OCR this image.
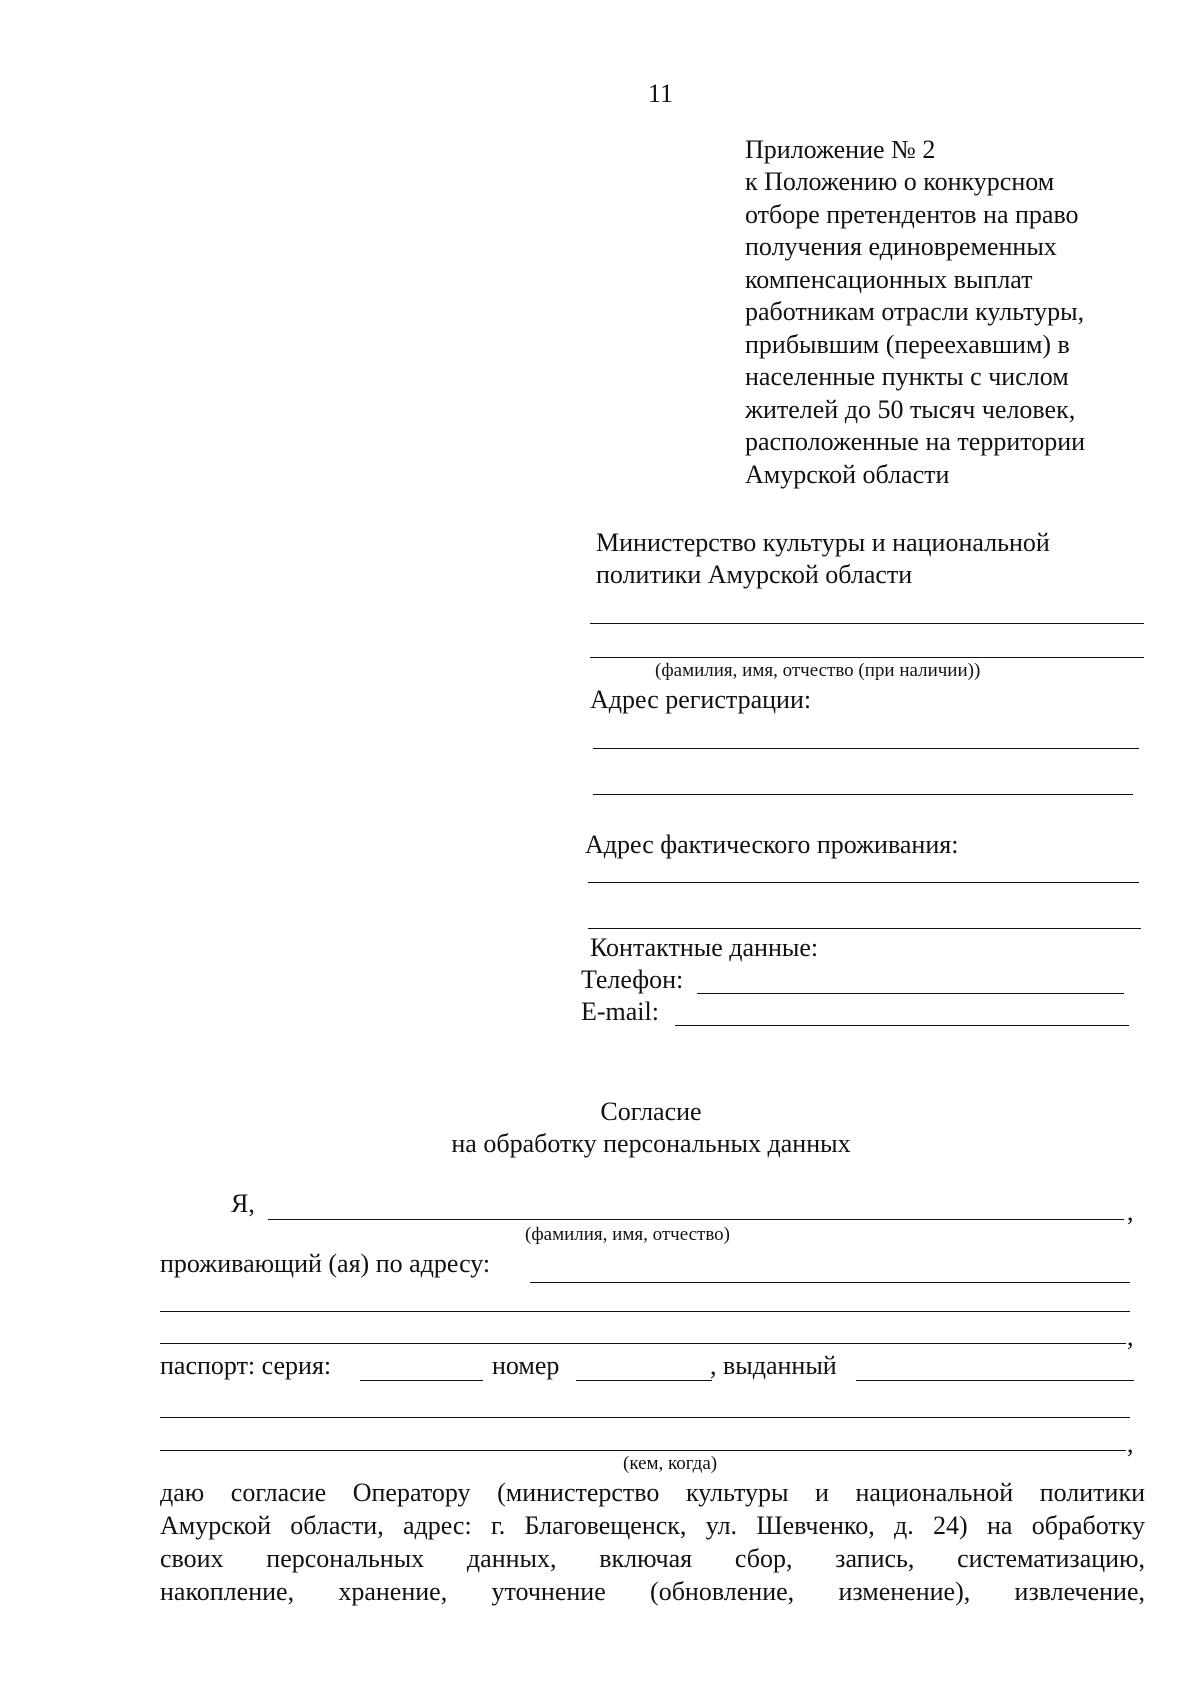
11
Приложение № 2
к Положению о конкурсном
отборе претендентов на право
получения единовременных
компенсационных выплат
работникам отрасли культуры,
прибывшим (переехавшим) в
населенные пункты с числом
жителей до 50 тысяч человек,
расположенные на территории
Амурской области
Министерство культуры и национальной
политики Амурской области
(фамилия, имя, отчество (при наличии))
Адрес регистрации:
Адрес фактического проживания:
Контактные данные:
Телефон:
E-mail:
Согласие
на обработку персональных данных
Я,	,
(фамилия, имя, отчество)
проживающий (ая) по адресу:
,
паспорт: серия:	номер	, выданный
,
(кем, когда)
даю согласие Оператору (министерство культуры и национальной политики
Амурской области, адрес: г. Благовещенск, ул. Шевченко, д. 24) на обработку
своих персональных данных, включая сбор, запись, систематизацию,
накопление, хранение, уточнение (обновление, изменение), извлечение,
